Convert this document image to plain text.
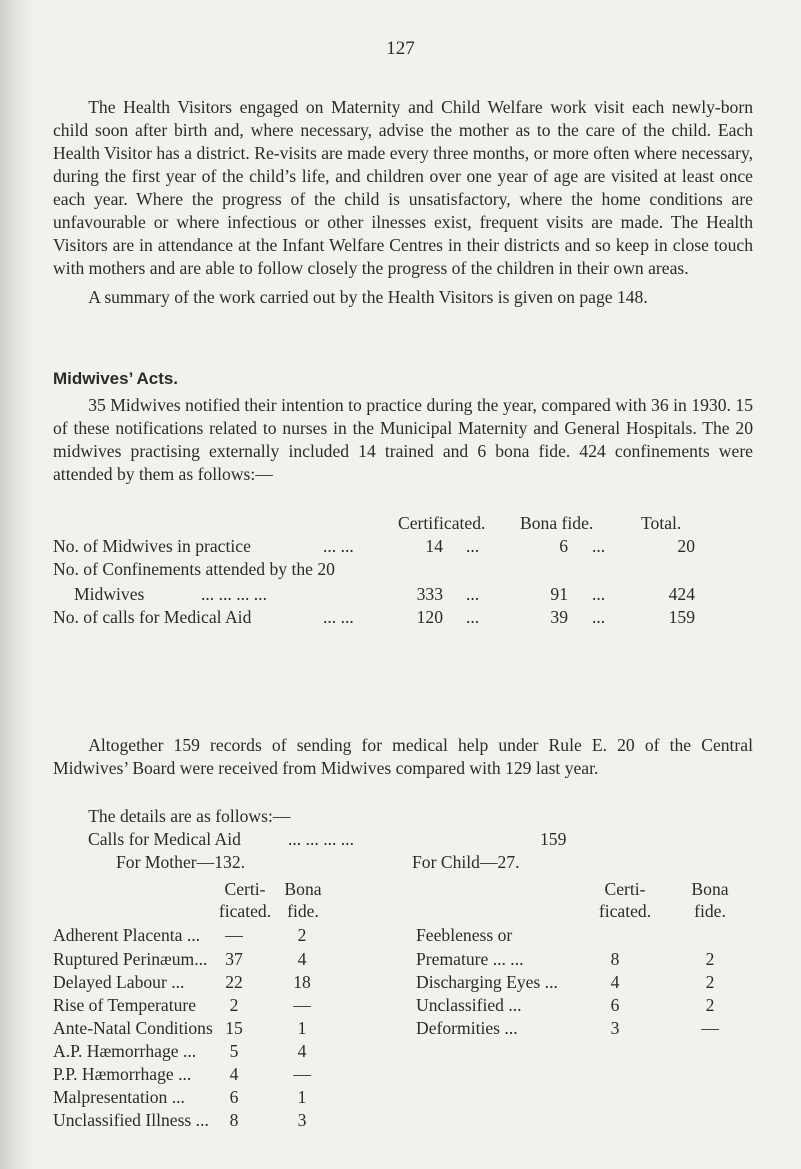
127

The Health Visitors engaged on Maternity and Child Welfare work visit each newly-born child soon after birth and, where necessary, advise the mother as to the care of the child. Each Health Visitor has a district. Re-visits are made every three months, or more often where necessary, during the first year of the child’s life, and children over one year of age are visited at least once each year. Where the progress of the child is unsatisfactory, where the home conditions are unfavourable or where infectious or other ilnesses exist, frequent visits are made. The Health Visitors are in attendance at the Infant Welfare Centres in their districts and so keep in close touch with mothers and are able to follow closely the progress of the children in their own areas.

A summary of the work carried out by the Health Visitors is given on page 148.

Midwives’ Acts.

35 Midwives notified their intention to practice during the year, compared with 36 in 1930. 15 of these notifications related to nurses in the Municipal Maternity and General Hospitals. The 20 midwives practising externally included 14 trained and 6 bona fide. 424 confinements were attended by them as follows:—

Certificated. Bona fide.	Total.
No. of Midwives in practice	... ...	14 ...	6 ...	20
No. of Confinements attended by the 20
Midwives	... ... ... ...	333 ...	91 ...	424
No. of calls for Medical Aid	... ...	120 ...	39 ...	159

Altogether 159 records of sending for medical help under Rule E. 20 of the Central Midwives’ Board were received from Midwives compared with 129 last year.

The details are as follows:—

Calls for Medical Aid	... ... ... ...	159
For Mother—132.	For Child—27.
Certi-
ficated.
Bona
fide.
Adherent Placenta ...	—	2
Ruptured Perinæum...	37	4
Delayed Labour ...	22	18
Rise of Temperature	2	—
Ante-Natal Conditions 15	1
A.P. Hæmorrhage ...	5	4
P.P. Hæmorrhage ...	4	—
Malpresentation ...	6	1
Unclassified Illness ...	8	3
Certi-
ficated.
Bona
fide.
Feebleness or
Premature ... ...	8	2
Discharging Eyes ...	4	2
Unclassified ...	6	2
Deformities ...	3	—
